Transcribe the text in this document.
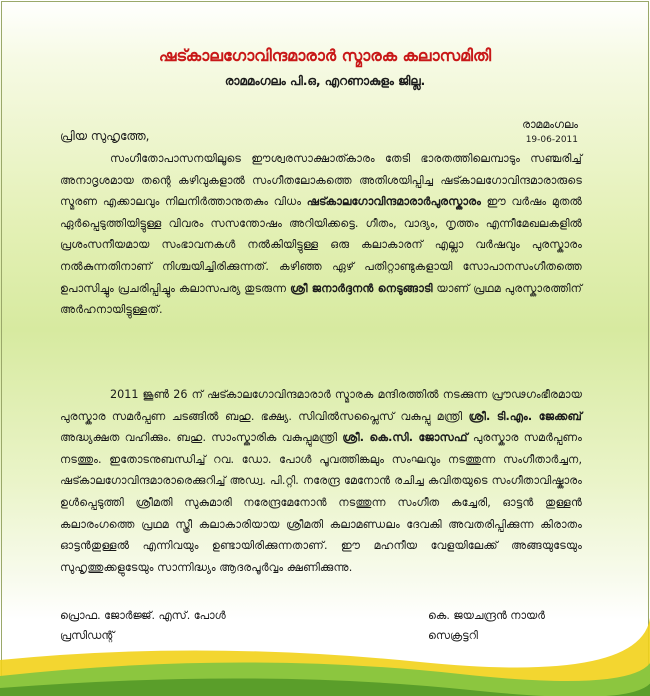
ഷട്കാലഗോവിന്ദമാരാർ സ്മാരക കലാസമിതി
രാമമംഗലം പി.ഒ, എറണാകുളം ജില്ല.
രാമമംഗലം
19-06-2011
പ്രിയ സുഹൃത്തേ,
സംഗീതോപാസനയിലൂടെ ഈശ്വരസാക്ഷാത്കാരം തേടി ഭാരതത്തിലെമ്പാടും സഞ്ചരിച്ച് അനാദൃശമായ തന്റെ കഴിവുകളാൽ സംഗീതലോകത്തെ അതിശയിപ്പിച്ച ഷട്കാലഗോവിന്ദമാരാരുടെ സ്മരണ എക്കാലവും നിലനിർത്താനുതകും വിധം ഷട്കാലഗോവിന്ദമാരാർപുരസ്കാരം ഈ വർഷം മുതൽ ഏർപ്പെടുത്തിയിട്ടുള്ള വിവരം സസന്തോഷം അറിയിക്കട്ടെ. ഗീതം, വാദ്യം, നൃത്തം എന്നീമേഖലകളിൽ പ്രശംസനീയമായ സംഭാവനകൾ നൽകിയിട്ടുള്ള ഒരു കലാകാരന് എല്ലാ വർഷവും പുരസ്കാരം നൽകുന്നതിനാണ് നിശ്ചയിച്ചിരിക്കുന്നത്. കഴിഞ്ഞ ഏഴ് പതിറ്റാണ്ടുകളായി സോപാനസംഗീതത്തെ ഉപാസിച്ചും പ്രചരിപ്പിച്ചും കലാസപര്യ തുടരുന്ന ശ്രീ ജനാർദ്ദനൻ നെടുങ്ങാടി യാണ് പ്രഥമ പുരസ്കാരത്തിന് അർഹനായിട്ടുള്ളത്.
2011 ജൂൺ 26 ന് ഷട്കാലഗോവിന്ദമാരാർ സ്മാരക മന്ദിരത്തിൽ നടക്കുന്ന പ്രൗഢഗംഭീരമായ പുരസ്കാര സമർപ്പണ ചടങ്ങിൽ ബഹു. ഭക്ഷ്യ. സിവിൽസപ്ലൈസ് വകുപ്പു മന്ത്രി ശ്രീ. ടി.എം. ജേക്കബ് അദ്ധ്യക്ഷത വഹിക്കും. ബഹു. സാംസ്കാരിക വകുപ്പുമന്ത്രി ശ്രീ. കെ.സി. ജോസഫ് പുരസ്കാര സമർപ്പണം നടത്തും. ഇതോടനുബന്ധിച്ച് റവ. ഡോ. പോൾ പൂവത്തിങ്കലും സംഘവും നടത്തുന്ന സംഗീതാർച്ചന, ഷട്കാലഗോവിന്ദമാരാരെക്കുറിച്ച് അഡ്വ. പി.റ്റി. നരേന്ദ്ര മേനോൻ രചിച്ച കവിതയുടെ സംഗീതാവിഷ്കാരം ഉൾപ്പെടുത്തി ശ്രീമതി സുകുമാരി നരേന്ദ്രമേനോൻ നടത്തുന്ന സംഗീത കച്ചേരി, ഓട്ടൻ തുള്ളൻ കലാരംഗത്തെ പ്രഥമ സ്ത്രീ കലാകാരിയായ ശ്രീമതി കലാമണ്ഡലം ദേവകി അവതരിപ്പിക്കുന്ന കിരാതം ഓട്ടൻതുള്ളൽ എന്നിവയും ഉണ്ടായിരിക്കുന്നതാണ്. ഈ മഹനീയ വേളയിലേക്ക് അങ്ങയുടേയും സുഹൃത്തുക്കളുടേയും സാന്നിദ്ധ്യം ആദരപൂർവ്വം ക്ഷണിക്കുന്നു.
പ്രൊഫ. ജോർജ്ജ്. എസ്. പോൾ
പ്രസിഡന്റ്
കെ. ജയചന്ദ്രൻ നായർ
സെക്രട്ടറി
